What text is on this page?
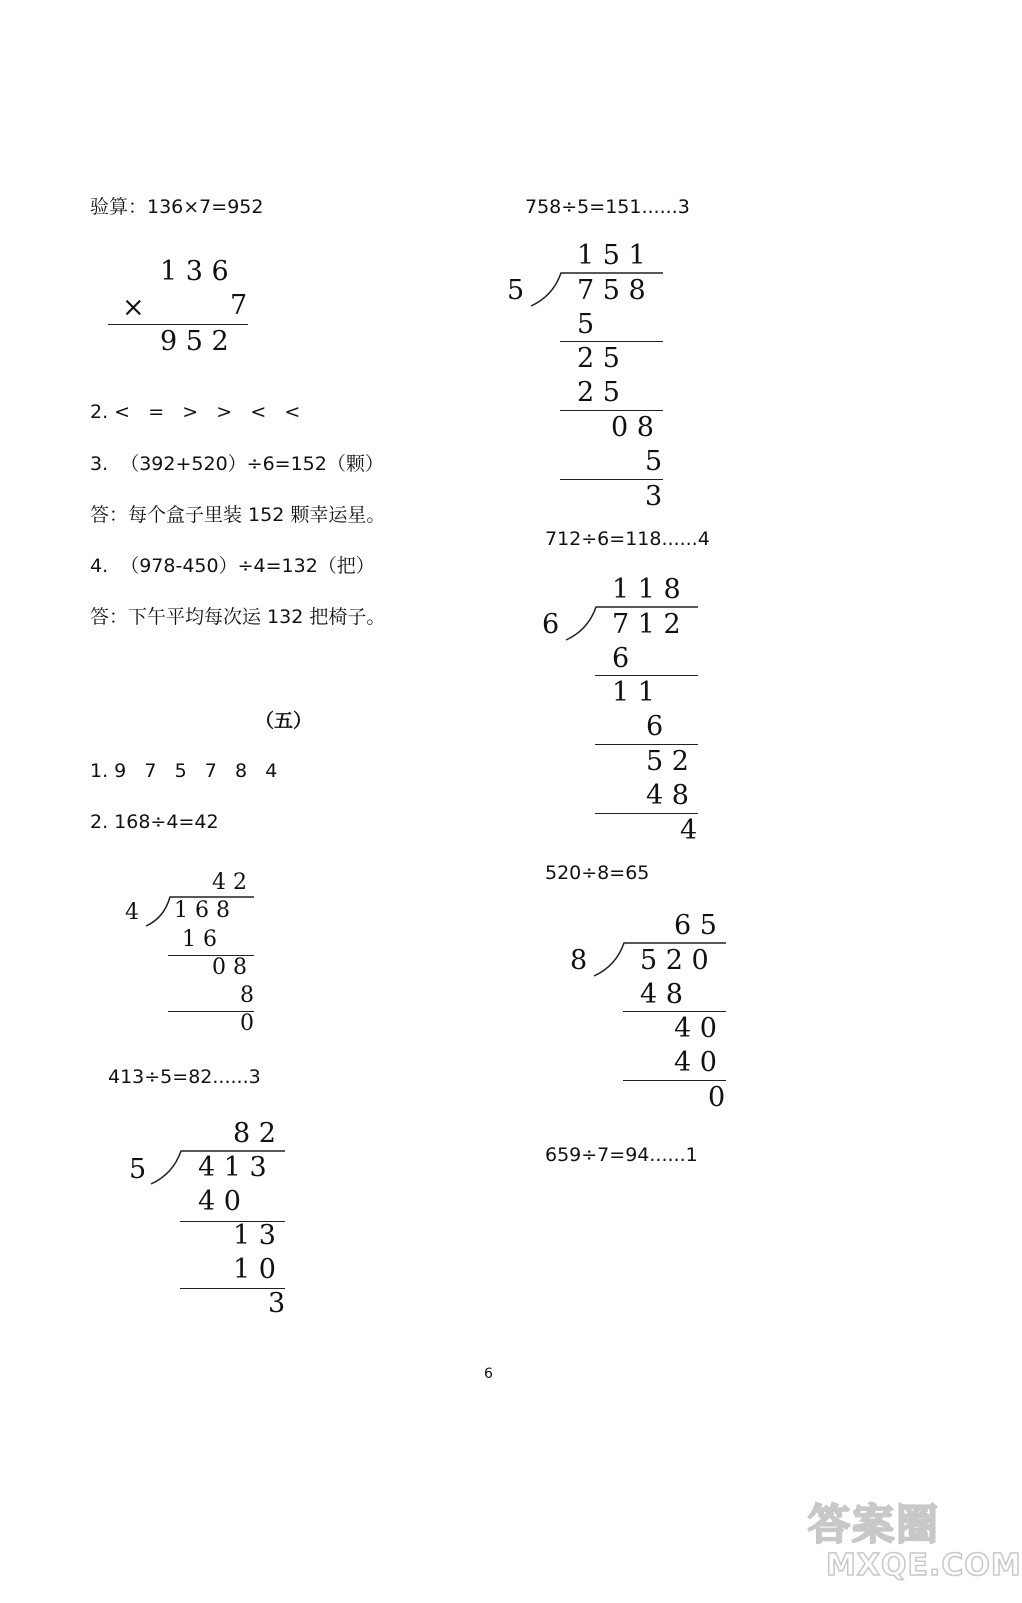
验算：136×7=952
1 3 6
×	7
9 5 2
2. <   =   >   >   <   <
3.  （392+520）÷6=152（颗）
答：每个盒子里装 152 颗幸运星。
4.  （978-450）÷4=132（把）
答：下午平均每次运 132 把椅子。
（五）
1. 9   7   5   7   8   4
2. 168÷4=42
4 2
4 1 6 8
1 6
0 8
8
0
413÷5=82......3
8 2
5 4 1 3
4 0
1 3
1 0
3
758÷5=151......3
1 5 1
5 7 5 8
5
2 5
2 5
0 8
5
3
712÷6=118......4
1 1 8
6 7 1 2
6
1 1
6
5 2
4 8
4
520÷8=65
6 5
8 5 2 0
4 8
4 0
4 0
0
659÷7=94......1
6
答案圈
MXQE.COM
